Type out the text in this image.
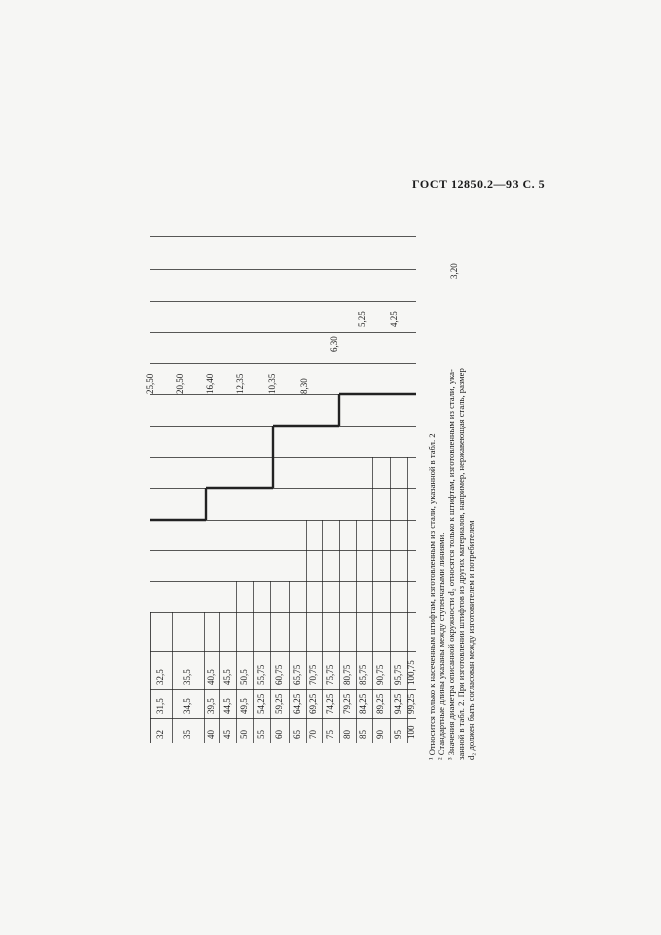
ГОСТ 12850.2—93 С. 5
3,20
4,25
5,25
6,30
8,30
10,35
12,35
16,40
20,50
25,50
32,5
31,5
32
35,5
34,5
35
40,5
39,5
40
45,5
44,5
45
50,5
49,5
50
55,75
54,25
55
60,75
59,25
60
65,75
64,25
65
70,75
69,25
70
75,75
74,25
75
80,75
79,25
80
85,75
84,25
85
90,75
89,25
90
95,75
94,25
95
100,75
99,25
100 ¹ Относится только к насеченным штифтам, изготовленным из стали, указанной в табл. 2 ² Стандартные длины указаны между ступенчатыми линиями. ³ Значения диаметра описанной окружности d₂ относятся только к штифтам, изготовленным из стали, ука- занной в табл. 2. При изготовлении штифтов из других материалов, например, нержавеющая сталь, размер d₂ должен быть согласован между изготовителем и потребителем
